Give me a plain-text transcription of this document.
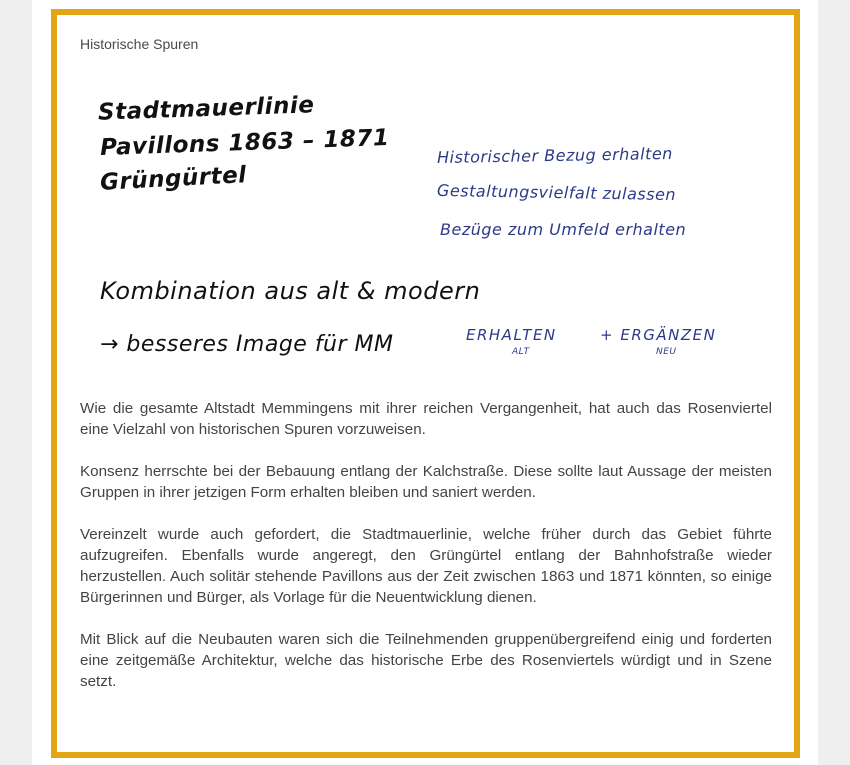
Historische Spuren
Stadtmauerlinie
Pavillons 1863 – 1871
Grüngürtel
Historischer Bezug erhalten
Gestaltungsvielfalt zulassen
Bezüge zum Umfeld erhalten
Kombination aus alt & modern
→ besseres Image für MM	ERHALTEN
ALT
+ ERGÄNZEN
NEU

Wie die gesamte Altstadt Memmingens mit ihrer reichen Vergangenheit, hat auch das Rosenviertel eine Vielzahl von historischen Spuren vorzuweisen.

Konsenz herrschte bei der Bebauung entlang der Kalchstraße. Diese sollte laut Aussage der meisten Gruppen in ihrer jetzigen Form erhalten bleiben und saniert werden.

Vereinzelt wurde auch gefordert, die Stadtmauerlinie, welche früher durch das Gebiet führte aufzugreifen. Ebenfalls wurde angeregt, den Grüngürtel entlang der Bahnhofstraße wieder herzustellen. Auch solitär stehende Pavillons aus der Zeit zwischen 1863 und 1871 könnten, so einige Bürgerinnen und Bürger, als Vorlage für die Neuentwicklung dienen.

Mit Blick auf die Neubauten waren sich die Teilnehmenden gruppenübergreifend einig und forderten eine zeitgemäße Architektur, welche das historische Erbe des Rosenviertels würdigt und in Szene setzt.
